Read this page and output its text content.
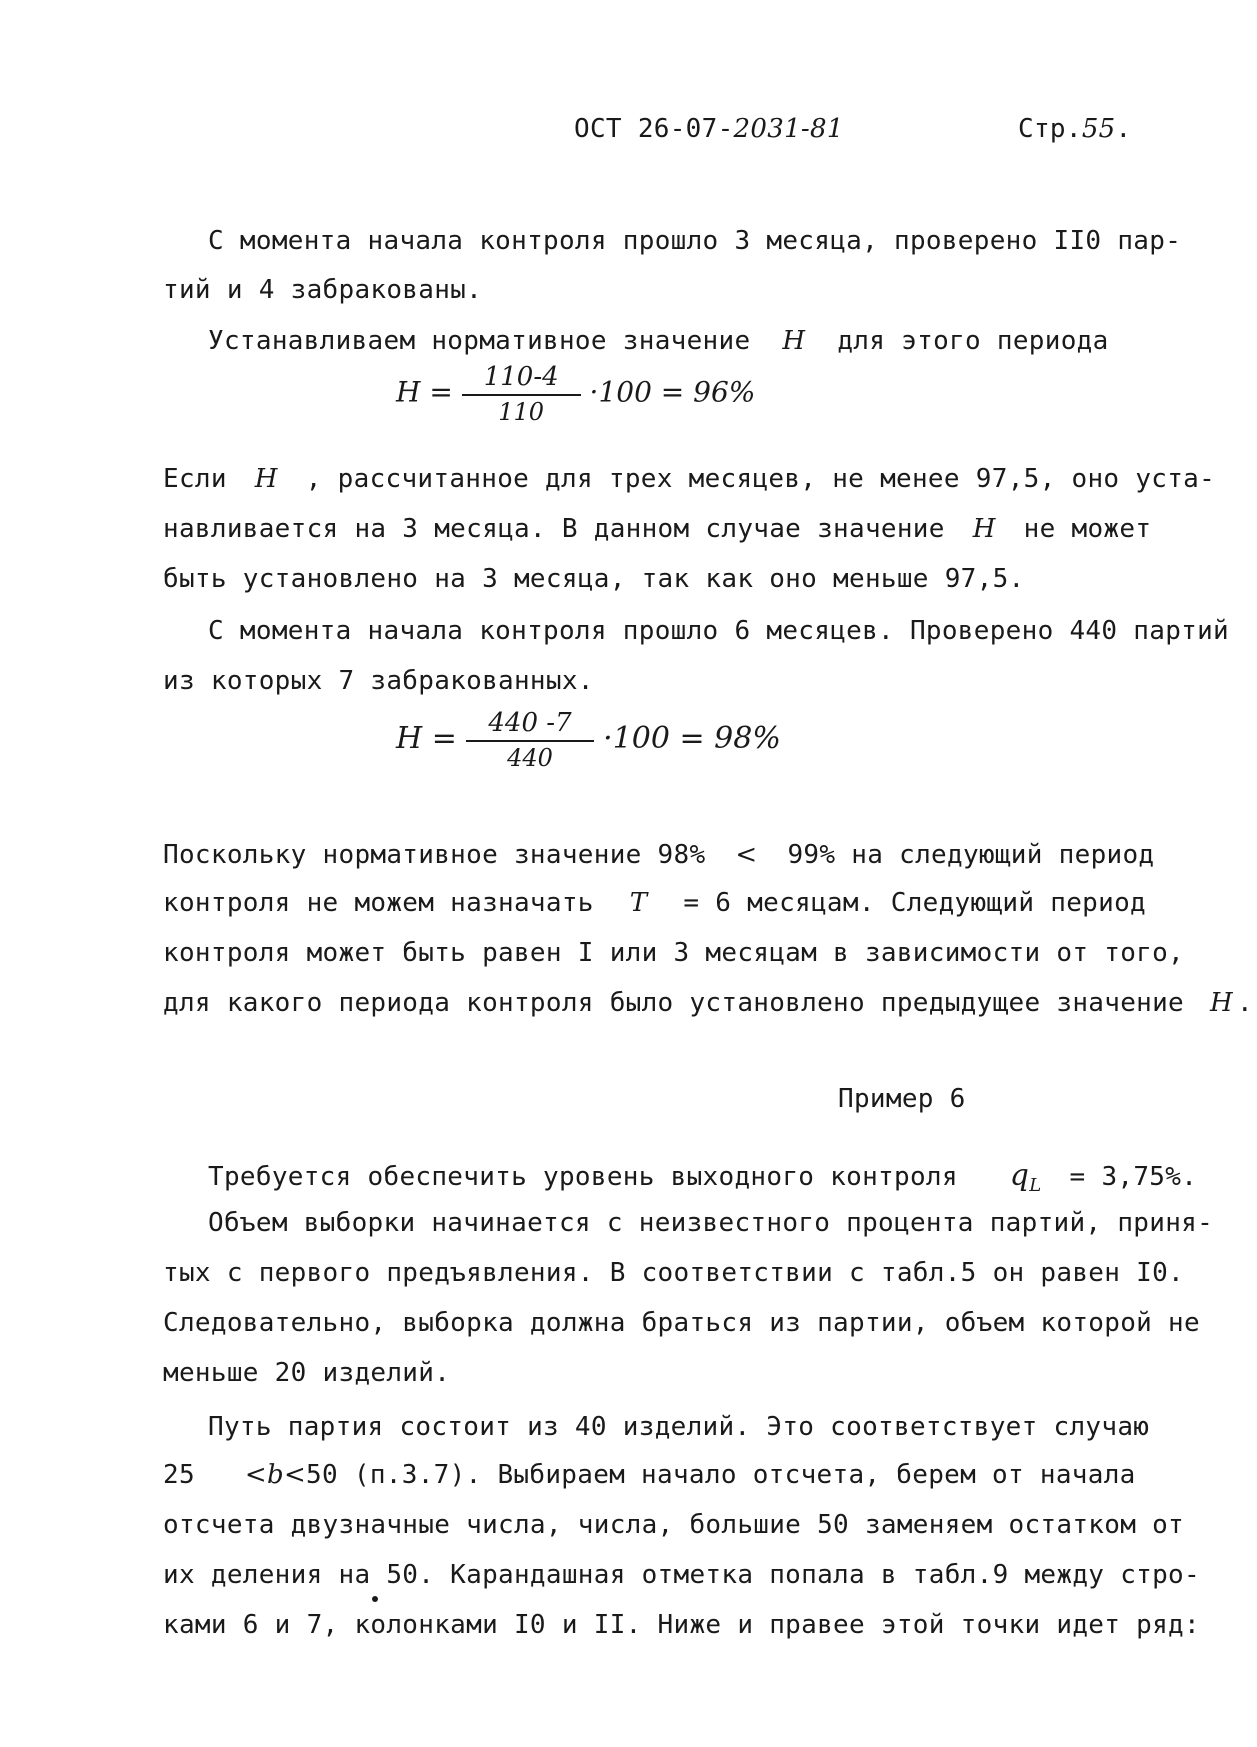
ОСТ 26-07-2031-81	Стр.55.
С момента начала контроля прошло 3 месяца, проверено II0 пар-
тий и 4 забракованы.
Устанавливаем нормативное значение Н для этого периода
$Н = \frac{110-4}{110} \cdot 100 = 96\%$
Если Н , рассчитанное для трех месяцев, не менее 97,5, оно уста-
навливается на 3 месяца. В данном случае значение Н не может
быть установлено на 3 месяца, так как оно меньше 97,5.
С момента начала контроля прошло 6 месяцев. Проверено 440 партий
из которых 7 забракованных.
$Н = \frac{440 -7}{440} \cdot 100 = 98\%$
Поскольку нормативное значение 98% < 99% на следующий период
контроля не можем назначать Т = 6 месяцам. Следующий период
контроля может быть равен I или 3 месяцам в зависимости от того,
для какого периода контроля было установлено предыдущее значение Н .
Пример 6
Требуется обеспечить уровень выходного контроля $q_L = 3,75\%$.
Объем выборки начинается с неизвестного процента партий, приня-
тых с первого предъявления. В соответствии с табл.5 он равен I0.
Следовательно, выборка должна браться из партии, объем которой не
меньше 20 изделий.
Путь партия состоит из 40 изделий. Это соответствует случаю
25 <b<50 (п.3.7). Выбираем начало отсчета, берем от начала
отсчета двузначные числа, числа, большие 50 заменяем остатком от
их деления на 50. Карандашная отметка попала в табл.9 между стро-
ками 6 и 7, колонками I0 и II. Ниже и правее этой точки идет ряд:
